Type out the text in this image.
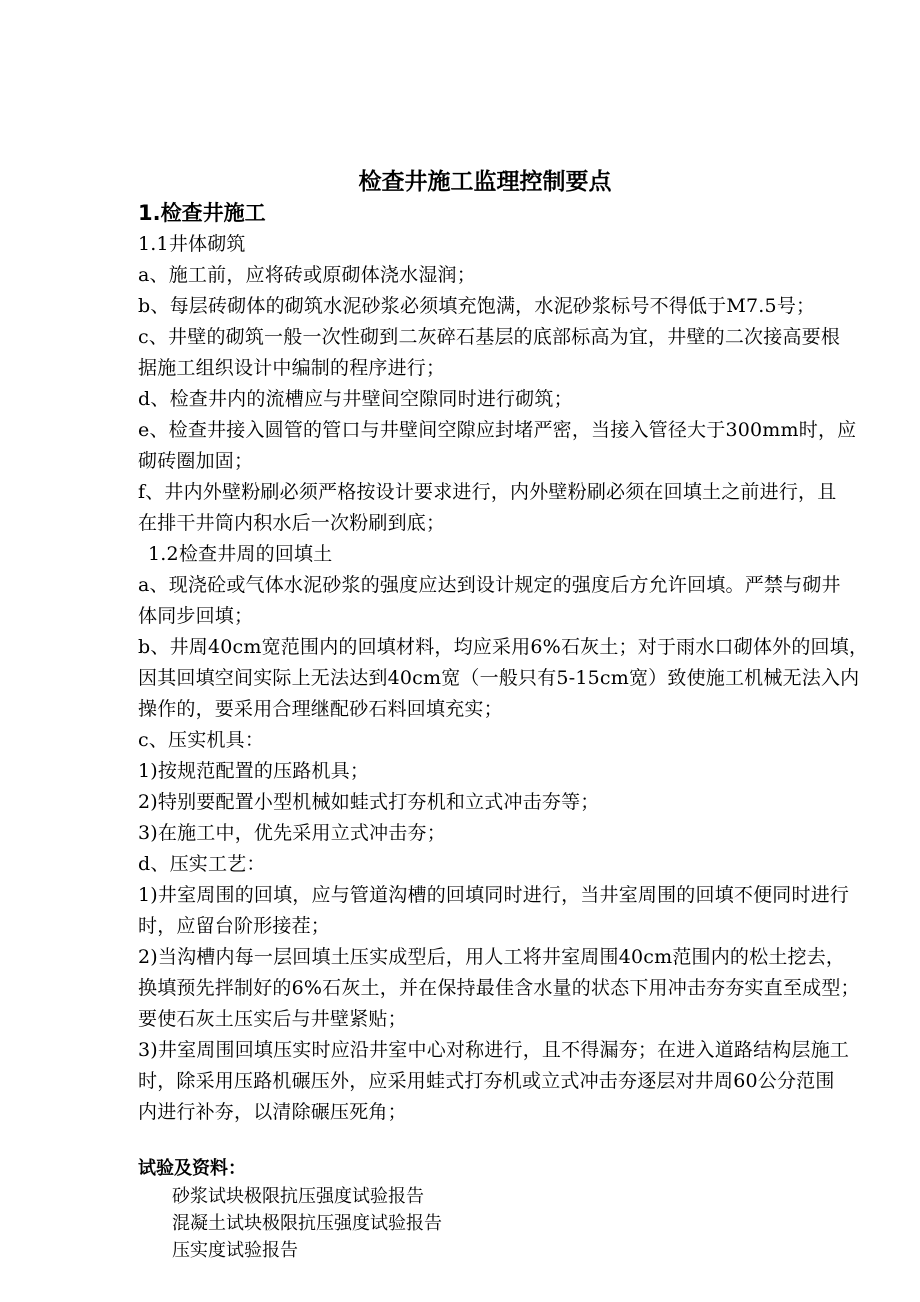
检查井施工监理控制要点
1.检查井施工
1.1井体砌筑
a、施工前，应将砖或原砌体浇水湿润；
b、每层砖砌体的砌筑水泥砂浆必须填充饱满，水泥砂浆标号不得低于M7.5号；
c、井壁的砌筑一般一次性砌到二灰碎石基层的底部标高为宜，井壁的二次接高要根
据施工组织设计中编制的程序进行；
d、检查井内的流槽应与井壁间空隙同时进行砌筑；
e、检查井接入圆管的管口与井壁间空隙应封堵严密，当接入管径大于300mm时，应
砌砖圈加固；
f、井内外壁粉刷必须严格按设计要求进行，内外壁粉刷必须在回填土之前进行，且
在排干井筒内积水后一次粉刷到底；
1.2检查井周的回填土
a、现浇砼或气体水泥砂浆的强度应达到设计规定的强度后方允许回填。严禁与砌井
体同步回填；
b、井周40cm宽范围内的回填材料，均应采用6%石灰土；对于雨水口砌体外的回填，
因其回填空间实际上无法达到40cm宽（一般只有5-15cm宽）致使施工机械无法入内
操作的，要采用合理继配砂石料回填充实；
c、压实机具：
1)按规范配置的压路机具；
2)特别要配置小型机械如蛙式打夯机和立式冲击夯等；
3)在施工中，优先采用立式冲击夯；
d、压实工艺：
1)井室周围的回填，应与管道沟槽的回填同时进行，当井室周围的回填不便同时进行
时，应留台阶形接茬；
2)当沟槽内每一层回填土压实成型后，用人工将井室周围40cm范围内的松土挖去，
换填预先拌制好的6%石灰土，并在保持最佳含水量的状态下用冲击夯夯实直至成型；
要使石灰土压实后与井壁紧贴；
3)井室周围回填压实时应沿井室中心对称进行，且不得漏夯；在进入道路结构层施工
时，除采用压路机碾压外，应采用蛙式打夯机或立式冲击夯逐层对井周60公分范围
内进行补夯，以清除碾压死角；
试验及资料：
砂浆试块极限抗压强度试验报告
混凝土试块极限抗压强度试验报告
压实度试验报告
